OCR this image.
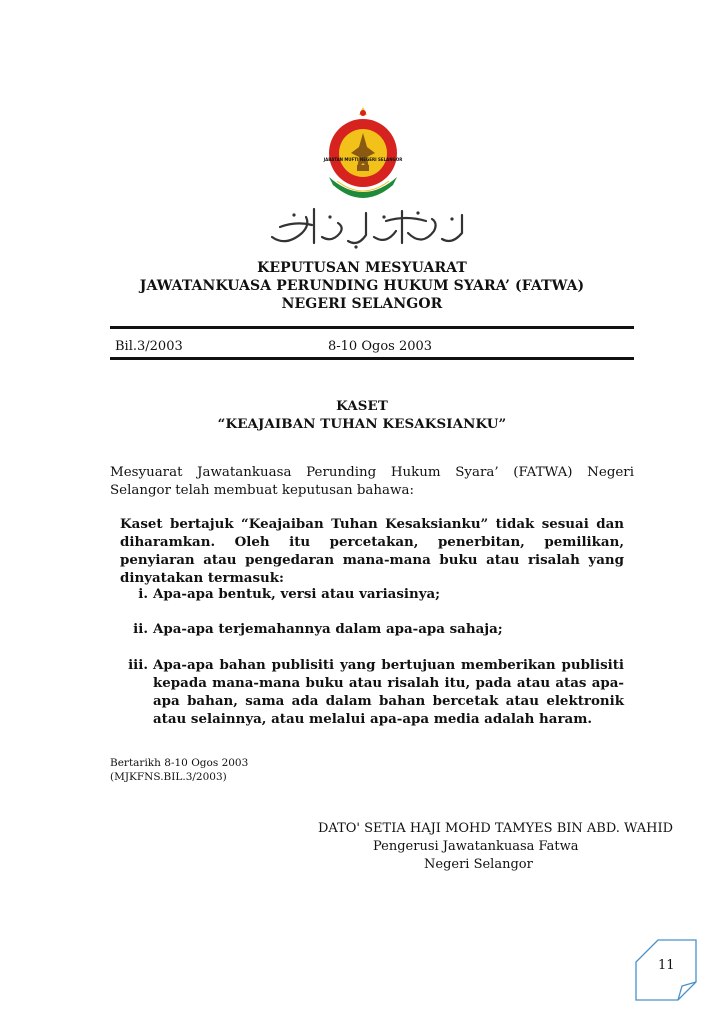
JABATAN MUFTI NEGERI SELANGOR
KEPUTUSAN MESYUARAT
JAWATANKUASA PERUNDING HUKUM SYARA’ (FATWA)
NEGERI SELANGOR
Bil.3/2003	8-10 Ogos 2003
KASET
“KEAJAIBAN TUHAN KESAKSIANKU”
Mesyuarat Jawatankuasa Perunding Hukum Syara’ (FATWA) Negeri Selangor telah membuat keputusan bahawa:
Kaset bertajuk “Keajaiban Tuhan Kesaksianku” tidak sesuai dan diharamkan. Oleh itu percetakan, penerbitan, pemilikan, penyiaran atau pengedaran mana-mana buku atau risalah yang dinyatakan termasuk:
i. Apa-apa bentuk, versi atau variasinya;
ii. Apa-apa terjemahannya dalam apa-apa sahaja;
iii. Apa-apa bahan publisiti yang bertujuan memberikan publisiti kepada mana-mana buku atau risalah itu, pada atau atas apa-apa bahan, sama ada dalam bahan bercetak atau elektronik atau selainnya, atau melalui apa-apa media adalah haram.
Bertarikh 8-10 Ogos 2003
(MJKFNS.BIL.3/2003)
DATO' SETIA HAJI MOHD TAMYES BIN ABD. WAHID
Pengerusi Jawatankuasa Fatwa
Negeri Selangor
11
